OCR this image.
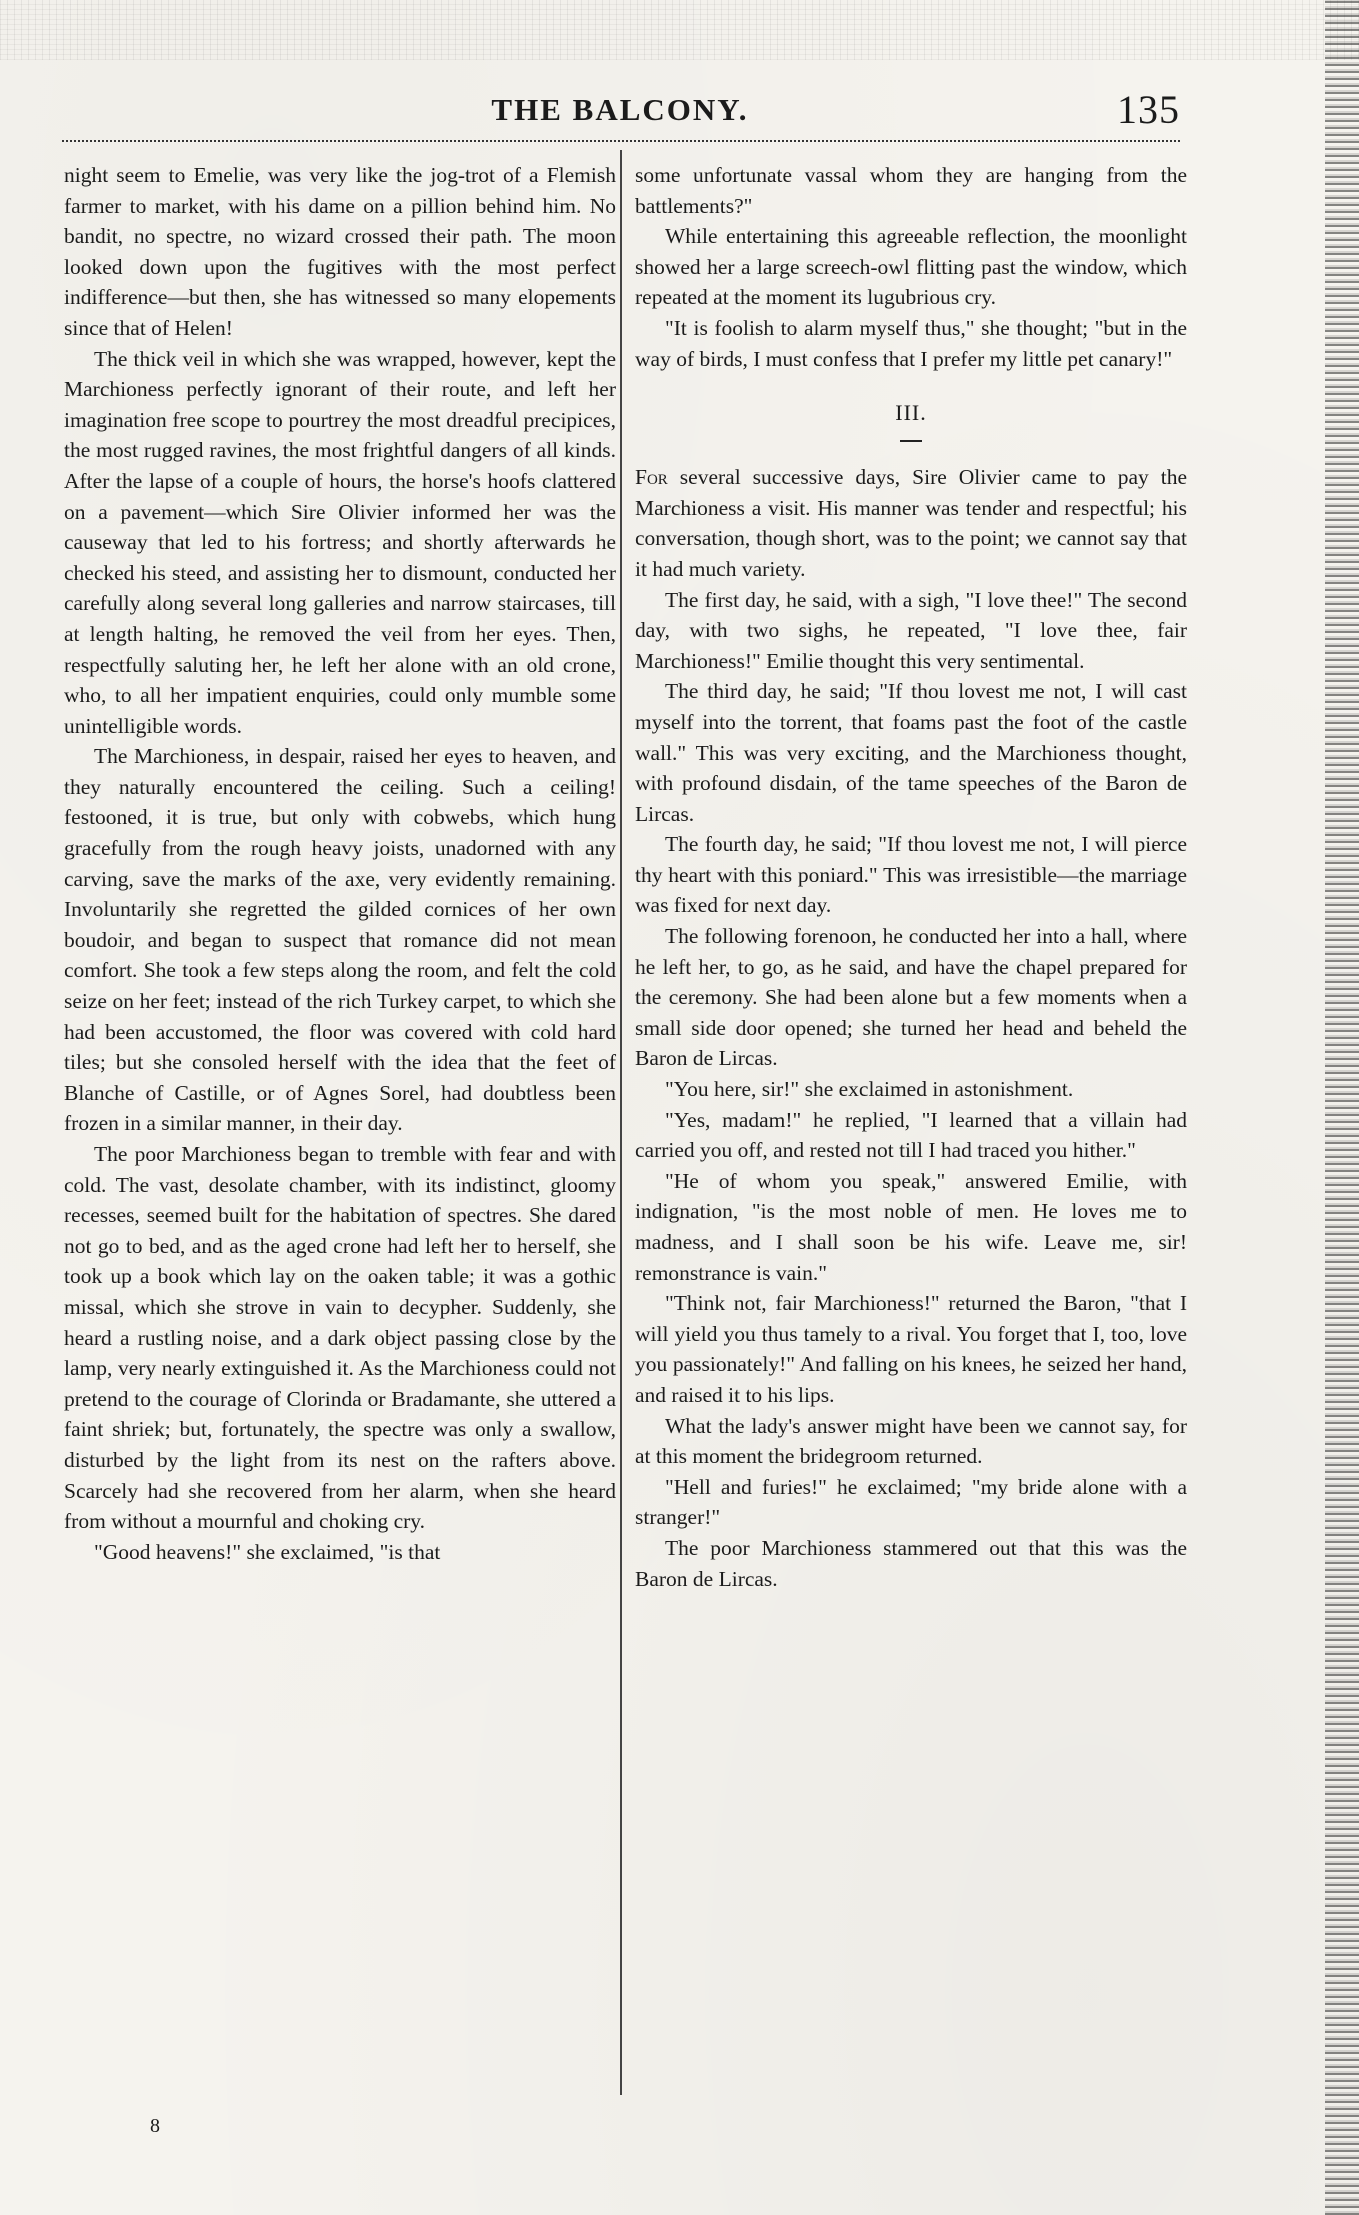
THE BALCONY.	135

night seem to Emelie, was very like the jog-trot of a Flemish farmer to market, with his dame on a pillion behind him. No bandit, no spectre, no wizard crossed their path. The moon looked down upon the fugitives with the most perfect indifference—but then, she has witnessed so many elopements since that of Helen!

The thick veil in which she was wrapped, however, kept the Marchioness perfectly ignorant of their route, and left her imagination free scope to pourtrey the most dreadful precipices, the most rugged ravines, the most frightful dangers of all kinds. After the lapse of a couple of hours, the horse's hoofs clattered on a pavement—which Sire Olivier informed her was the causeway that led to his fortress; and shortly afterwards he checked his steed, and assisting her to dismount, conducted her carefully along several long galleries and narrow staircases, till at length halting, he removed the veil from her eyes. Then, respectfully saluting her, he left her alone with an old crone, who, to all her impatient enquiries, could only mumble some unintelligible words.

The Marchioness, in despair, raised her eyes to heaven, and they naturally encountered the ceiling. Such a ceiling! festooned, it is true, but only with cobwebs, which hung gracefully from the rough heavy joists, unadorned with any carving, save the marks of the axe, very evidently remaining. Involuntarily she regretted the gilded cornices of her own boudoir, and began to suspect that romance did not mean comfort. She took a few steps along the room, and felt the cold seize on her feet; instead of the rich Turkey carpet, to which she had been accustomed, the floor was covered with cold hard tiles; but she consoled herself with the idea that the feet of Blanche of Castille, or of Agnes Sorel, had doubtless been frozen in a similar manner, in their day.

The poor Marchioness began to tremble with fear and with cold. The vast, desolate chamber, with its indistinct, gloomy recesses, seemed built for the habitation of spectres. She dared not go to bed, and as the aged crone had left her to herself, she took up a book which lay on the oaken table; it was a gothic missal, which she strove in vain to decypher. Suddenly, she heard a rustling noise, and a dark object passing close by the lamp, very nearly extinguished it. As the Marchioness could not pretend to the courage of Clorinda or Bradamante, she uttered a faint shriek; but, fortunately, the spectre was only a swallow, disturbed by the light from its nest on the rafters above. Scarcely had she recovered from her alarm, when she heard from without a mournful and choking cry.

"Good heavens!" she exclaimed, "is that

some unfortunate vassal whom they are hanging from the battlements?"

While entertaining this agreeable reflection, the moonlight showed her a large screech-owl flitting past the window, which repeated at the moment its lugubrious cry.

"It is foolish to alarm myself thus," she thought; "but in the way of birds, I must confess that I prefer my little pet canary!"

III.

For several successive days, Sire Olivier came to pay the Marchioness a visit. His manner was tender and respectful; his conversation, though short, was to the point; we cannot say that it had much variety.

The first day, he said, with a sigh, "I love thee!" The second day, with two sighs, he repeated, "I love thee, fair Marchioness!" Emilie thought this very sentimental.

The third day, he said; "If thou lovest me not, I will cast myself into the torrent, that foams past the foot of the castle wall." This was very exciting, and the Marchioness thought, with profound disdain, of the tame speeches of the Baron de Lircas.

The fourth day, he said; "If thou lovest me not, I will pierce thy heart with this poniard." This was irresistible—the marriage was fixed for next day.

The following forenoon, he conducted her into a hall, where he left her, to go, as he said, and have the chapel prepared for the ceremony. She had been alone but a few moments when a small side door opened; she turned her head and beheld the Baron de Lircas.

"You here, sir!" she exclaimed in astonishment.

"Yes, madam!" he replied, "I learned that a villain had carried you off, and rested not till I had traced you hither."

"He of whom you speak," answered Emilie, with indignation, "is the most noble of men. He loves me to madness, and I shall soon be his wife. Leave me, sir! remonstrance is vain."

"Think not, fair Marchioness!" returned the Baron, "that I will yield you thus tamely to a rival. You forget that I, too, love you passionately!" And falling on his knees, he seized her hand, and raised it to his lips.

What the lady's answer might have been we cannot say, for at this moment the bridegroom returned.

"Hell and furies!" he exclaimed; "my bride alone with a stranger!"

The poor Marchioness stammered out that this was the Baron de Lircas.

8
